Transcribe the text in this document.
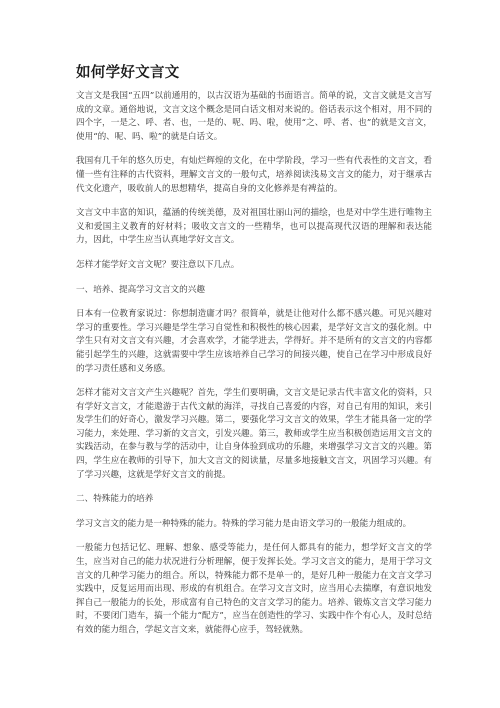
如何学好文言文

文言文是我国“五四”以前通用的，以古汉语为基础的书面语言。简单的说，文言文就是文言写成的文章。通俗地说，文言文这个概念是同白话文相对来说的。俗话表示这个相对，用不同的四个字，一是之、呼、者、也，一是的、呢、吗、啦，使用“之、呼、者、也”的就是文言文，使用“的、呢、吗、啦”的就是白话文。

我国有几千年的悠久历史，有灿烂辉煌的文化，在中学阶段，学习一些有代表性的文言文，看懂一些有注释的古代资料，理解文言文的一般句式，培养阅读浅易文言文的能力，对于继承古代文化遗产，吸收前人的思想精华，提高自身的文化修养是有裨益的。

文言文中丰富的知识，蕴涵的传统美德，及对祖国壮丽山河的描绘，也是对中学生进行唯物主义和爱国主义教育的好材料；吸收文言文的一些精华，也可以提高现代汉语的理解和表达能力，因此，中学生应当认真地学好文言文。

怎样才能学好文言文呢？要注意以下几点。

一、培养、提高学习文言文的兴趣

日本有一位教育家说过：你想制造庸才吗？很简单，就是让他对什么都不感兴趣。可见兴趣对学习的重要性。学习兴趣是学生学习自觉性和积极性的核心因素，是学好文言文的强化剂。中学生只有对文言文有兴趣，才会喜欢学，才能学进去，学得好。并不是所有的文言文的内容都能引起学生的兴趣，这就需要中学生应该培养自己学习的间接兴趣，使自己在学习中形成良好的学习责任感和义务感。

怎样才能对文言文产生兴趣呢？首先，学生们要明确，文言文是记录古代丰富文化的资料，只有学好文言文，才能遨游于古代文献的海洋，寻找自己喜爱的内容，对自己有用的知识，来引发学生们的好奇心，激发学习兴趣。第二，要强化学习文言文的效果，学生才能具备一定的学习能力，来处理、学习新的文言文，引发兴趣。第三，教师或学生应当积极创造运用文言文的实践活动，在参与教与学的活动中，让自身体验到成功的乐趣，来增强学习文言文的兴趣。第四，学生应在教师的引导下，加大文言文的阅读量，尽量多地接触文言文，巩固学习兴趣。有了学习兴趣，这就是学好文言文的前提。

二、特殊能力的培养

学习文言文的能力是一种特殊的能力。特殊的学习能力是由语文学习的一般能力组成的。

一般能力包括记忆、理解、想象、感受等能力，是任何人都具有的能力，想学好文言文的学生，应当对自己的能力状况进行分析理解，便于发挥长处。学习文言文的能力，是用于学习文言文的几种学习能力的组合。所以，特殊能力都不是单一的，是好几种一般能力在文言文学习实践中，反复运用而出现、形成的有机组合。在学习文言文时，应当用心去揣摩，有意识地发挥自己一般能力的长处，形成富有自己特色的文言文学习的能力。培养、锻炼文言文学习能力时，不要闭门造车，搞一个能力“配方”，应当在创造性的学习、实践中作个有心人，及时总结有效的能力组合，学起文言文来，就能得心应手，驾轻就熟。
